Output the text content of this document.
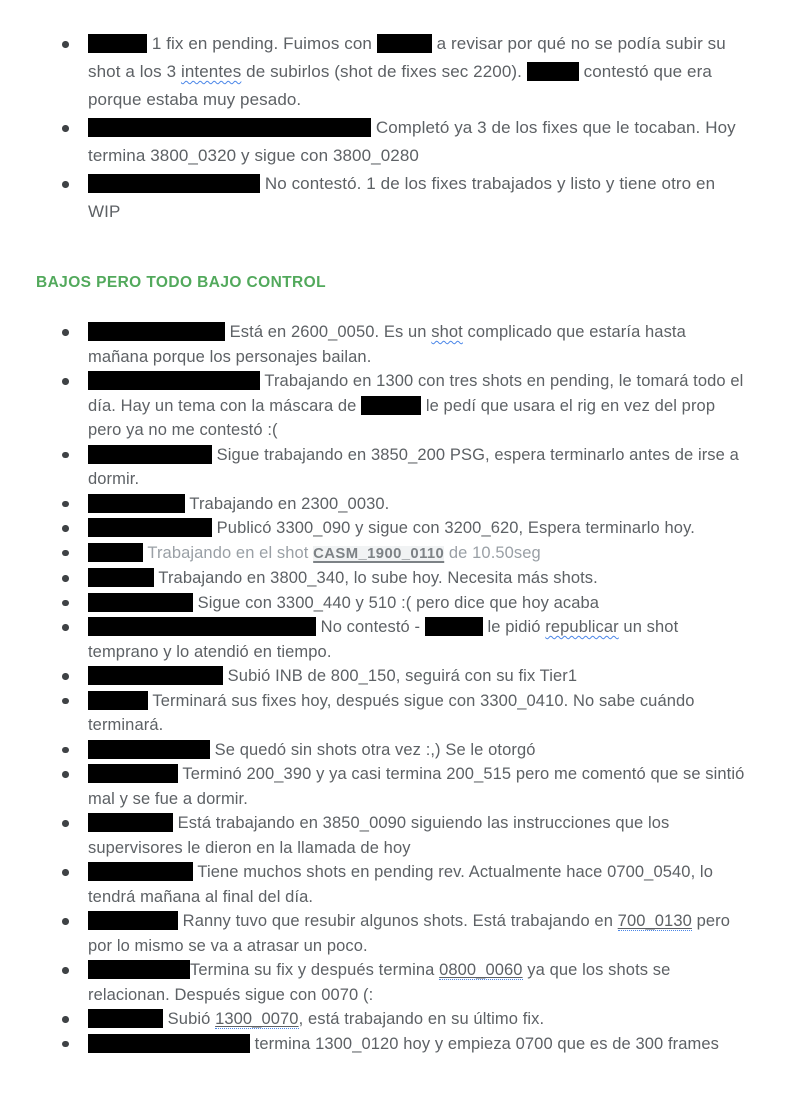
1 fix en pending. Fuimos con	a revisar por qué no se podía subir su shot a los 3 intentes de subirlos (shot de fixes sec 2200).	contestó que era porque estaba muy pesado.
Completó ya 3 de los fixes que le tocaban. Hoy termina 3800_0320 y sigue con 3800_0280
No contestó. 1 de los fixes trabajados y listo y tiene otro en WIP
BAJOS PERO TODO BAJO CONTROL
Está en 2600_0050. Es un shot complicado que estaría hasta mañana porque los personajes bailan.
Trabajando en 1300 con tres shots en pending, le tomará todo el día. Hay un tema con la máscara de	le pedí que usara el rig en vez del prop pero ya no me contestó :(
Sigue trabajando en 3850_200 PSG, espera terminarlo antes de irse a dormir.
Trabajando en 2300_0030.
Publicó 3300_090 y sigue con 3200_620, Espera terminarlo hoy.
Trabajando en el shot CASM_1900_0110 de 10.50seg
Trabajando en 3800_340, lo sube hoy. Necesita más shots.
Sigue con 3300_440 y 510 :( pero dice que hoy acaba
No contestó -	le pidió republicar un shot temprano y lo atendió en tiempo.
Subió INB de 800_150, seguirá con su fix Tier1
Terminará sus fixes hoy, después sigue con 3300_0410. No sabe cuándo terminará.
Se quedó sin shots otra vez :,) Se le otorgó
Terminó 200_390 y ya casi termina 200_515 pero me comentó que se sintió mal y se fue a dormir.
Está trabajando en 3850_0090 siguiendo las instrucciones que los supervisores le dieron en la llamada de hoy
Tiene muchos shots en pending rev. Actualmente hace 0700_0540, lo tendrá mañana al final del día.
Ranny tuvo que resubir algunos shots. Está trabajando en 700_0130 pero por lo mismo se va a atrasar un poco.
Termina su fix y después termina 0800_0060 ya que los shots se relacionan. Después sigue con 0070 (:
Subió 1300_0070, está trabajando en su último fix.
termina 1300_0120 hoy y empieza 0700 que es de 300 frames
